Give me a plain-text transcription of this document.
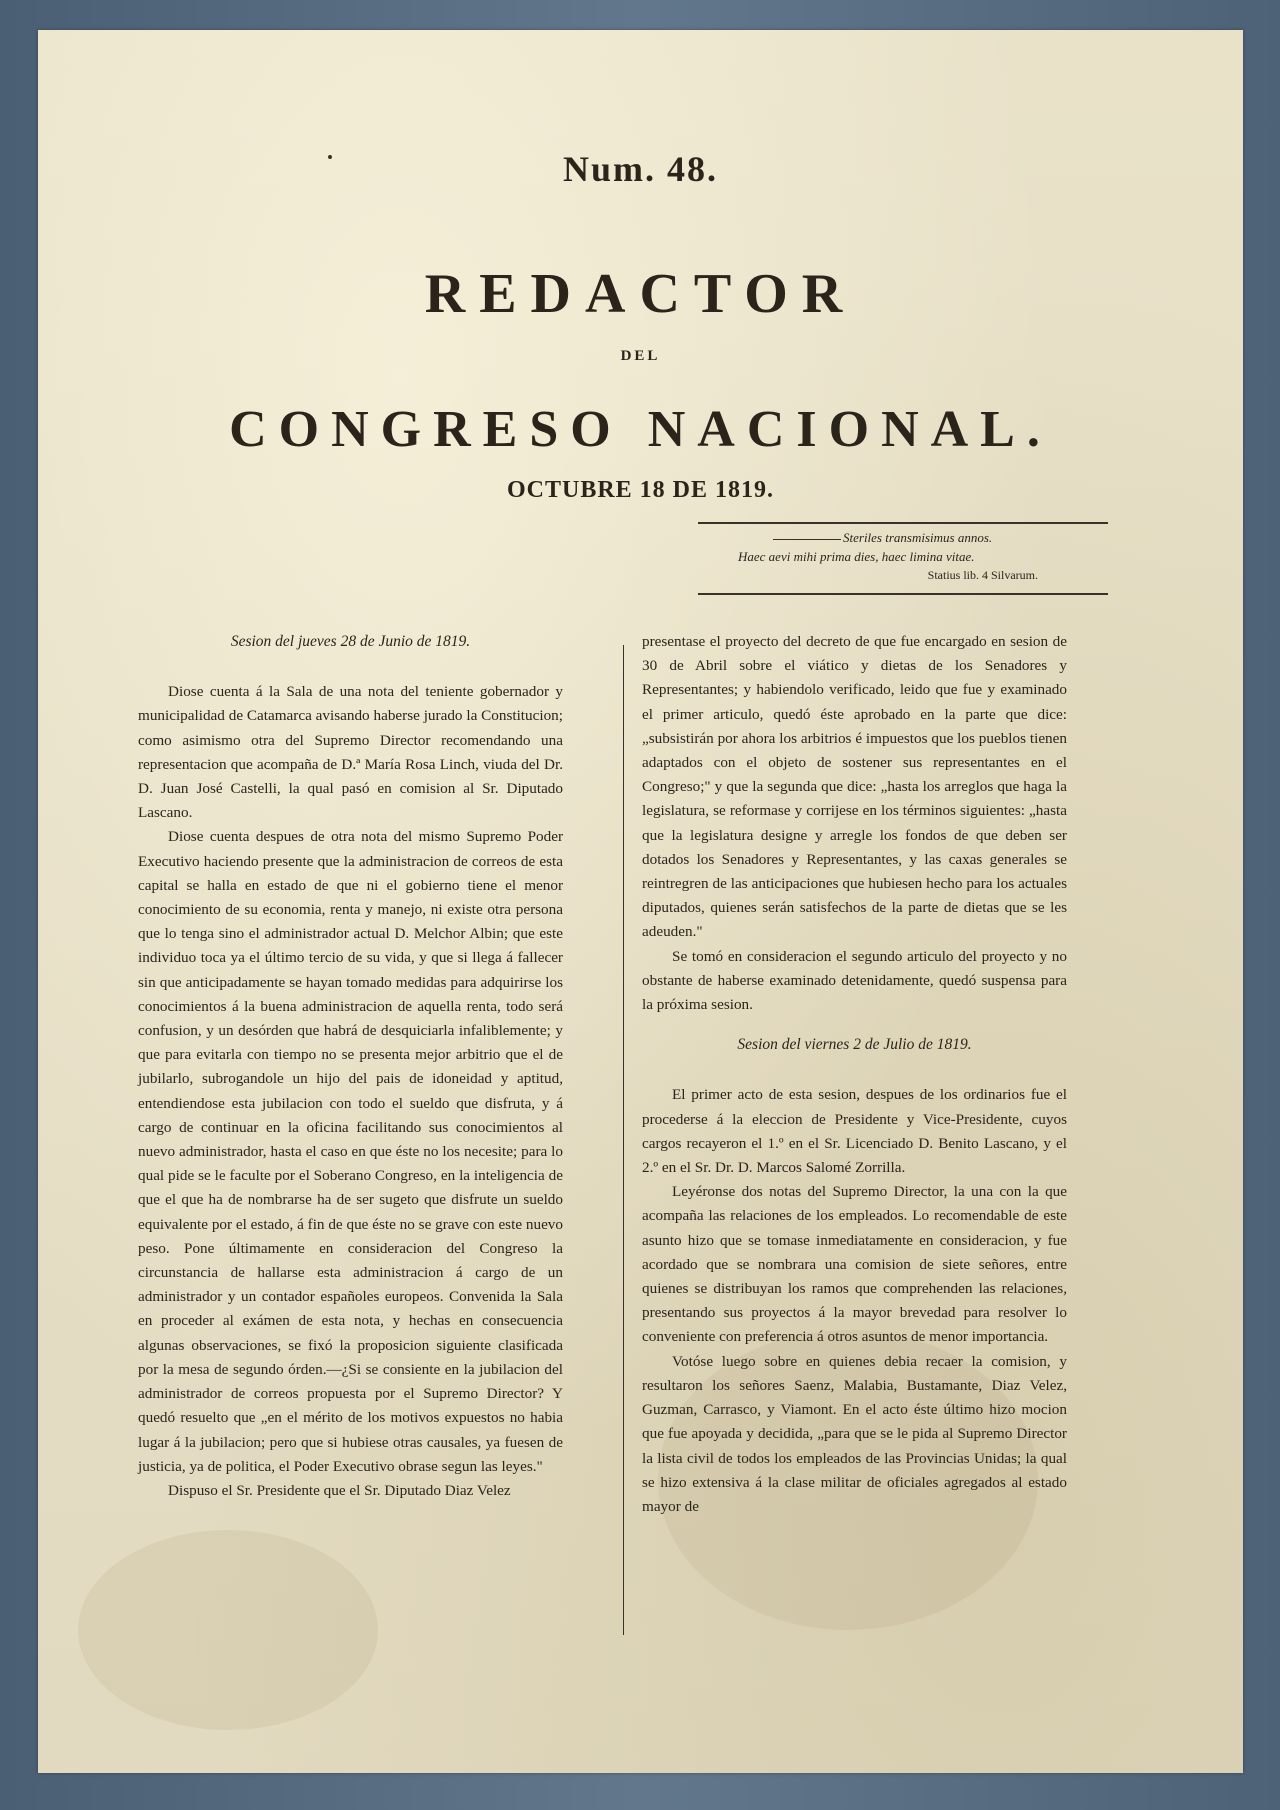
Num. 48.
REDACTOR
DEL
CONGRESO NACIONAL.
OCTUBRE 18 DE 1819.
Steriles transmisimus annos.
Haec aevi mihi prima dies, haec limina vitae.
Statius lib. 4 Silvarum.

Sesion del jueves 28 de Junio de 1819.

Diose cuenta á la Sala de una nota del teniente gobernador y municipalidad de Catamarca avisando haberse jurado la Constitucion; como asimismo otra del Supremo Director recomendando una representacion que acompaña de D.ª María Rosa Linch, viuda del Dr. D. Juan José Castelli, la qual pasó en comision al Sr. Diputado Lascano.

Diose cuenta despues de otra nota del mismo Supremo Poder Executivo haciendo presente que la administracion de correos de esta capital se halla en estado de que ni el gobierno tiene el menor conocimiento de su economia, renta y manejo, ni existe otra persona que lo tenga sino el administrador actual D. Melchor Albin; que este individuo toca ya el último tercio de su vida, y que si llega á fallecer sin que anticipadamente se hayan tomado medidas para adquirirse los conocimientos á la buena administracion de aquella renta, todo será confusion, y un desórden que habrá de desquiciarla infaliblemente; y que para evitarla con tiempo no se presenta mejor arbitrio que el de jubilarlo, subrogandole un hijo del pais de idoneidad y aptitud, entendiendose esta jubilacion con todo el sueldo que disfruta, y á cargo de continuar en la oficina facilitando sus conocimientos al nuevo administrador, hasta el caso en que éste no los necesite; para lo qual pide se le faculte por el Soberano Congreso, en la inteligencia de que el que ha de nombrarse ha de ser sugeto que disfrute un sueldo equivalente por el estado, á fin de que éste no se grave con este nuevo peso. Pone últimamente en consideracion del Congreso la circunstancia de hallarse esta administracion á cargo de un administrador y un contador españoles europeos. Convenida la Sala en proceder al exámen de esta nota, y hechas en consecuencia algunas observaciones, se fixó la proposicion siguiente clasificada por la mesa de segundo órden.—¿Si se consiente en la jubilacion del administrador de correos propuesta por el Supremo Director? Y quedó resuelto que „en el mérito de los motivos expuestos no habia lugar á la jubilacion; pero que si hubiese otras causales, ya fuesen de justicia, ya de politica, el Poder Executivo obrase segun las leyes."

Dispuso el Sr. Presidente que el Sr. Diputado Diaz Velez

presentase el proyecto del decreto de que fue encargado en sesion de 30 de Abril sobre el viático y dietas de los Senadores y Representantes; y habiendolo verificado, leido que fue y examinado el primer articulo, quedó éste aprobado en la parte que dice: „subsistirán por ahora los arbitrios é impuestos que los pueblos tienen adaptados con el objeto de sostener sus representantes en el Congreso;" y que la segunda que dice: „hasta los arreglos que haga la legislatura, se reformase y corrijese en los términos siguientes: „hasta que la legislatura designe y arregle los fondos de que deben ser dotados los Senadores y Representantes, y las caxas generales se reintregren de las anticipaciones que hubiesen hecho para los actuales diputados, quienes serán satisfechos de la parte de dietas que se les adeuden."

Se tomó en consideracion el segundo articulo del proyecto y no obstante de haberse examinado detenidamente, quedó suspensa para la próxima sesion.

Sesion del viernes 2 de Julio de 1819.

El primer acto de esta sesion, despues de los ordinarios fue el procederse á la eleccion de Presidente y Vice-Presidente, cuyos cargos recayeron el 1.º en el Sr. Licenciado D. Benito Lascano, y el 2.º en el Sr. Dr. D. Marcos Salomé Zorrilla.

Leyéronse dos notas del Supremo Director, la una con la que acompaña las relaciones de los empleados. Lo recomendable de este asunto hizo que se tomase inmediatamente en consideracion, y fue acordado que se nombrara una comision de siete señores, entre quienes se distribuyan los ramos que comprehenden las relaciones, presentando sus proyectos á la mayor brevedad para resolver lo conveniente con preferencia á otros asuntos de menor importancia.

Votóse luego sobre en quienes debia recaer la comision, y resultaron los señores Saenz, Malabia, Bustamante, Diaz Velez, Guzman, Carrasco, y Viamont. En el acto éste último hizo mocion que fue apoyada y decidida, „para que se le pida al Supremo Director la lista civil de todos los empleados de las Provincias Unidas; la qual se hizo extensiva á la clase militar de oficiales agregados al estado mayor de
